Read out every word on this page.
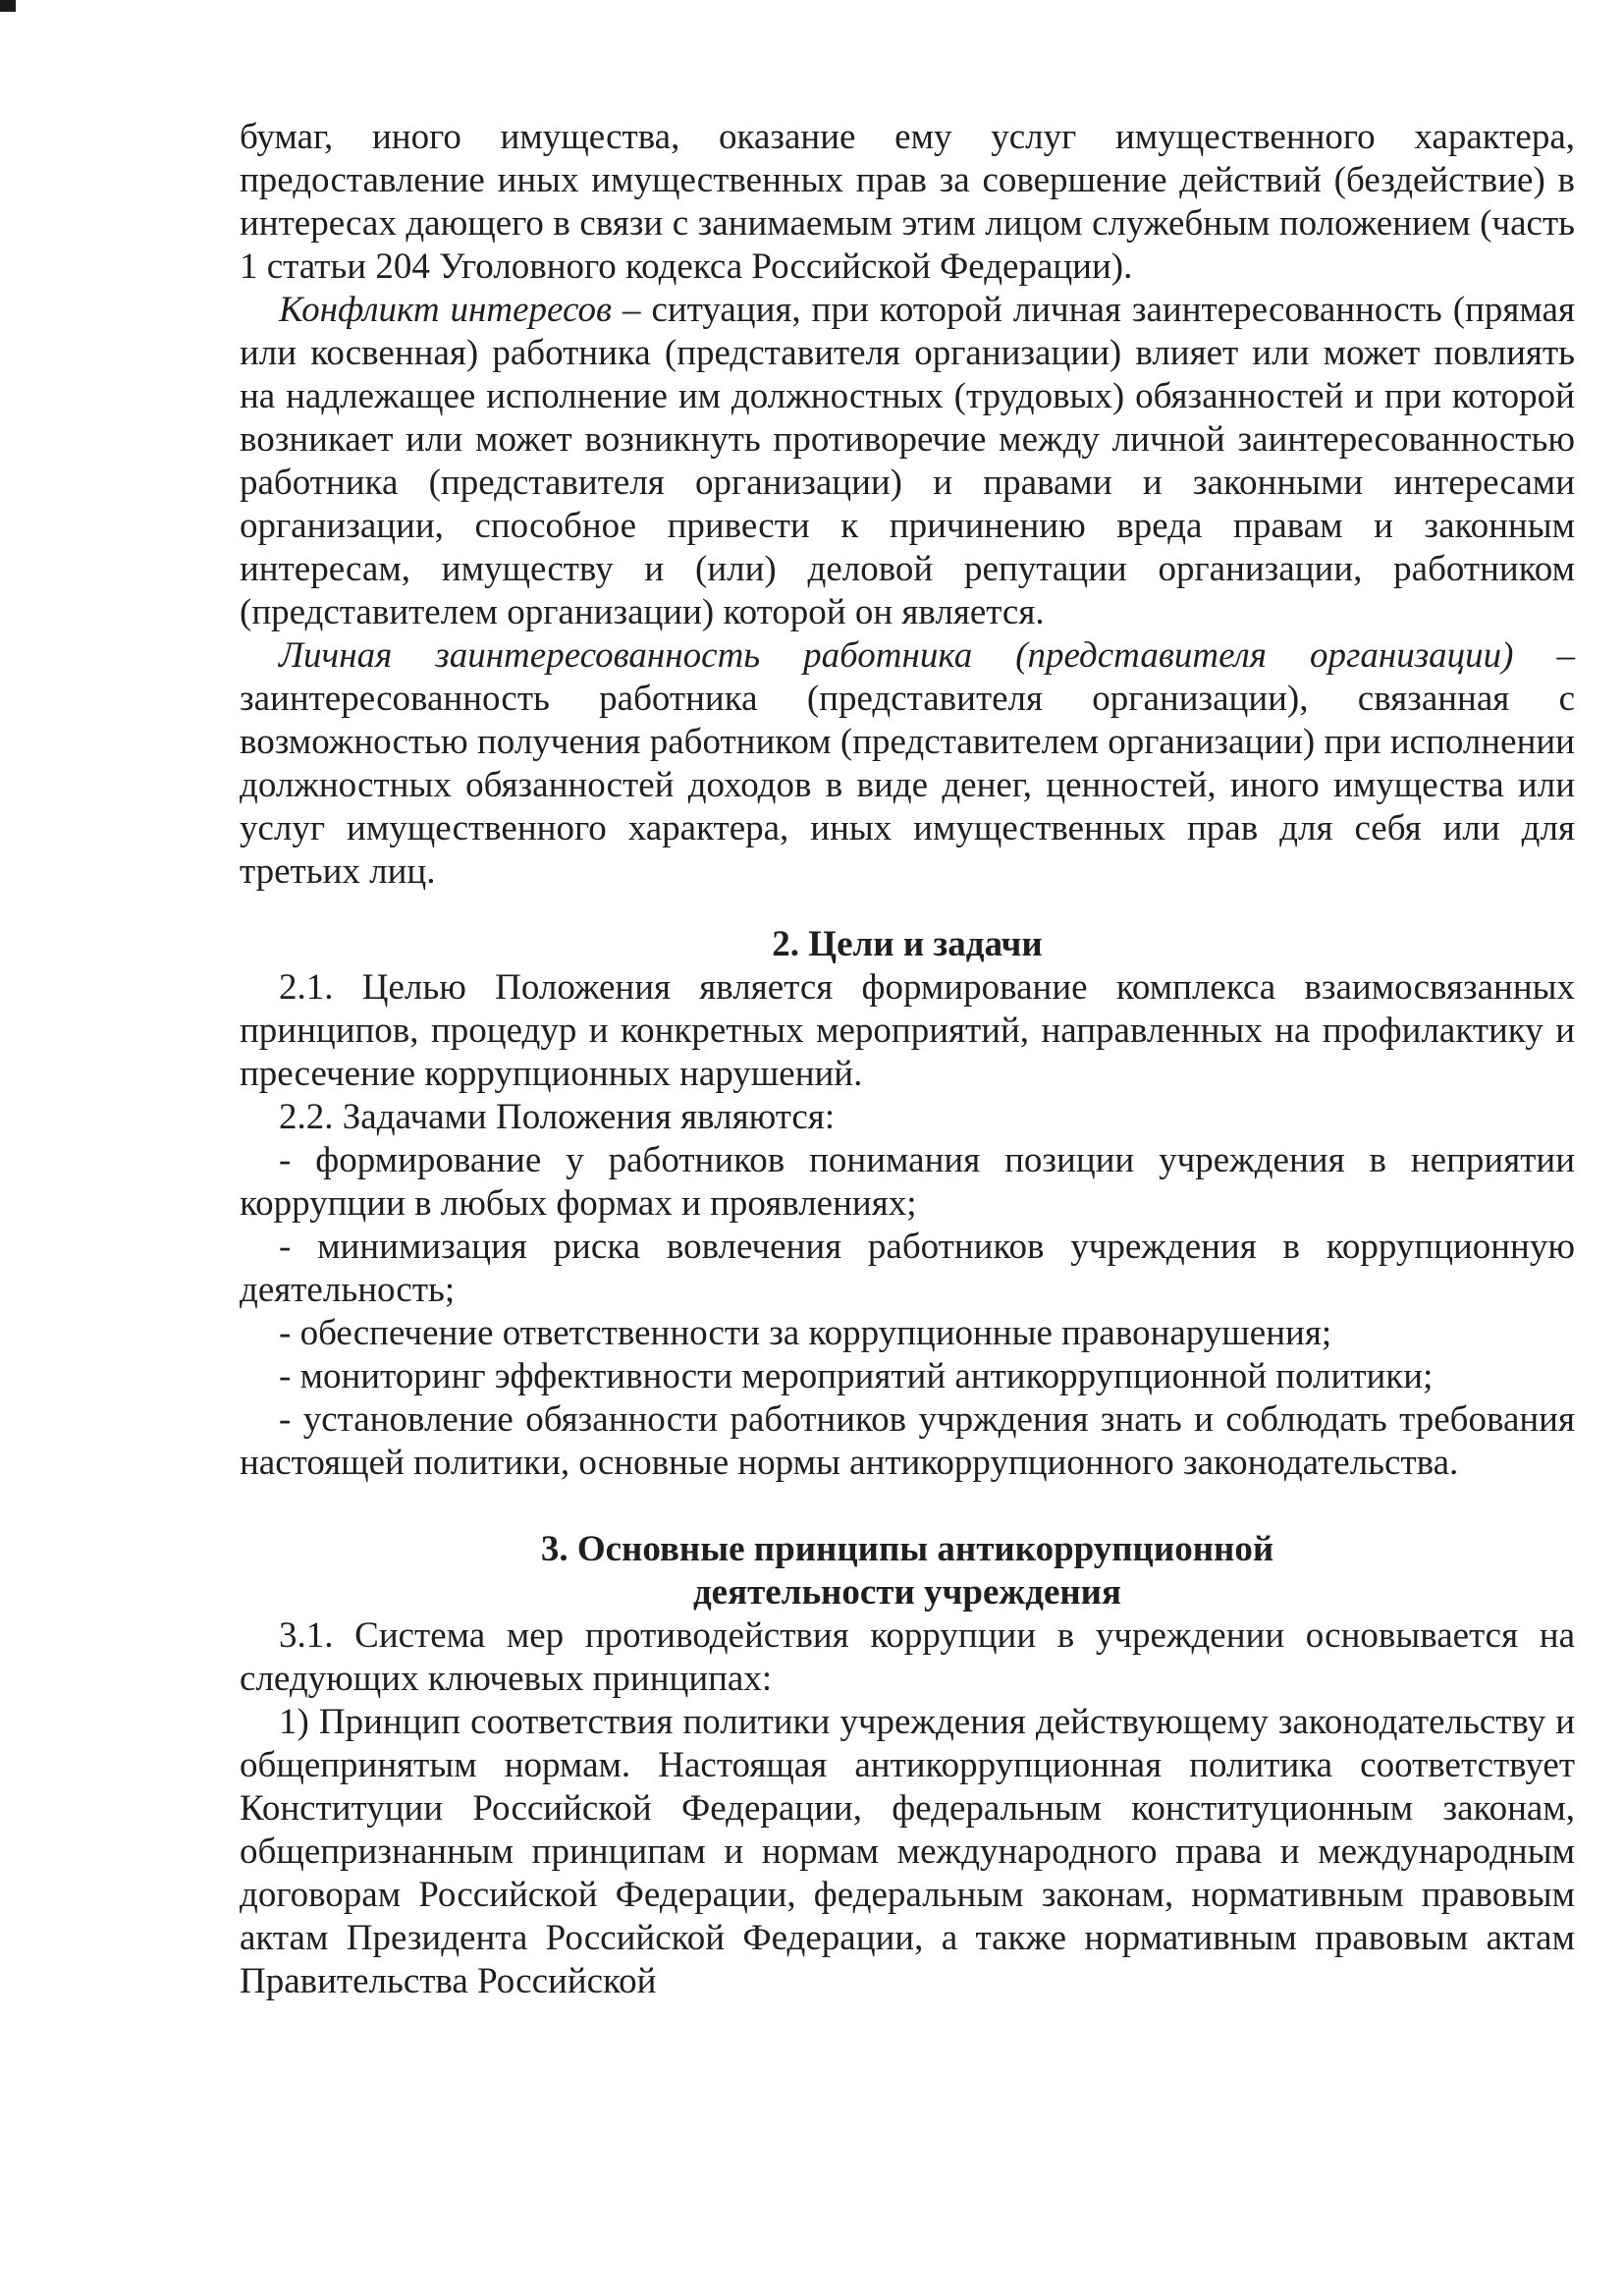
бумаг, иного имущества, оказание ему услуг имущественного характера, предоставление иных имущественных прав за совершение действий (бездействие) в интересах дающего в связи с занимаемым этим лицом служебным положением (часть 1 статьи 204 Уголовного кодекса Российской Федерации).

Конфликт интересов – ситуация, при которой личная заинтересованность (прямая или косвенная) работника (представителя организации) влияет или может повлиять на надлежащее исполнение им должностных (трудовых) обязанностей и при которой возникает или может возникнуть противоречие между личной заинтересованностью работника (представителя организации) и правами и законными интересами организации, способное привести к причинению вреда правам и законным интересам, имуществу и (или) деловой репутации организации, работником (представителем организации) которой он является.

Личная заинтересованность работника (представителя организации) – заинтересованность работника (представителя организации), связанная с возможностью получения работником (представителем организации) при исполнении должностных обязанностей доходов в виде денег, ценностей, иного имущества или услуг имущественного характера, иных имущественных прав для себя или для третьих лиц.

2. Цели и задачи

2.1. Целью Положения является формирование комплекса взаимосвязанных принципов, процедур и конкретных мероприятий, направленных на профилактику и пресечение коррупционных нарушений.

2.2. Задачами Положения являются:

- формирование у работников понимания позиции учреждения в неприятии коррупции в любых формах и проявлениях;

- минимизация риска вовлечения работников учреждения в коррупционную деятельность;

- обеспечение ответственности за коррупционные правонарушения;

- мониторинг эффективности мероприятий антикоррупционной политики;

- установление обязанности работников учрждения знать и соблюдать требования настоящей политики, основные нормы антикоррупционного законодательства.

3. Основные принципы антикоррупционной
деятельности учреждения

3.1. Система мер противодействия коррупции в учреждении основывается на следующих ключевых принципах:

1) Принцип соответствия политики учреждения действующему законодательству и общепринятым нормам. Настоящая антикоррупционная политика соответствует Конституции Российской Федерации, федеральным конституционным законам, общепризнанным принципам и нормам международного права и международным договорам Российской Федерации, федеральным законам, нормативным правовым актам Президента Российской Федерации, а также нормативным правовым актам Правительства Российской
